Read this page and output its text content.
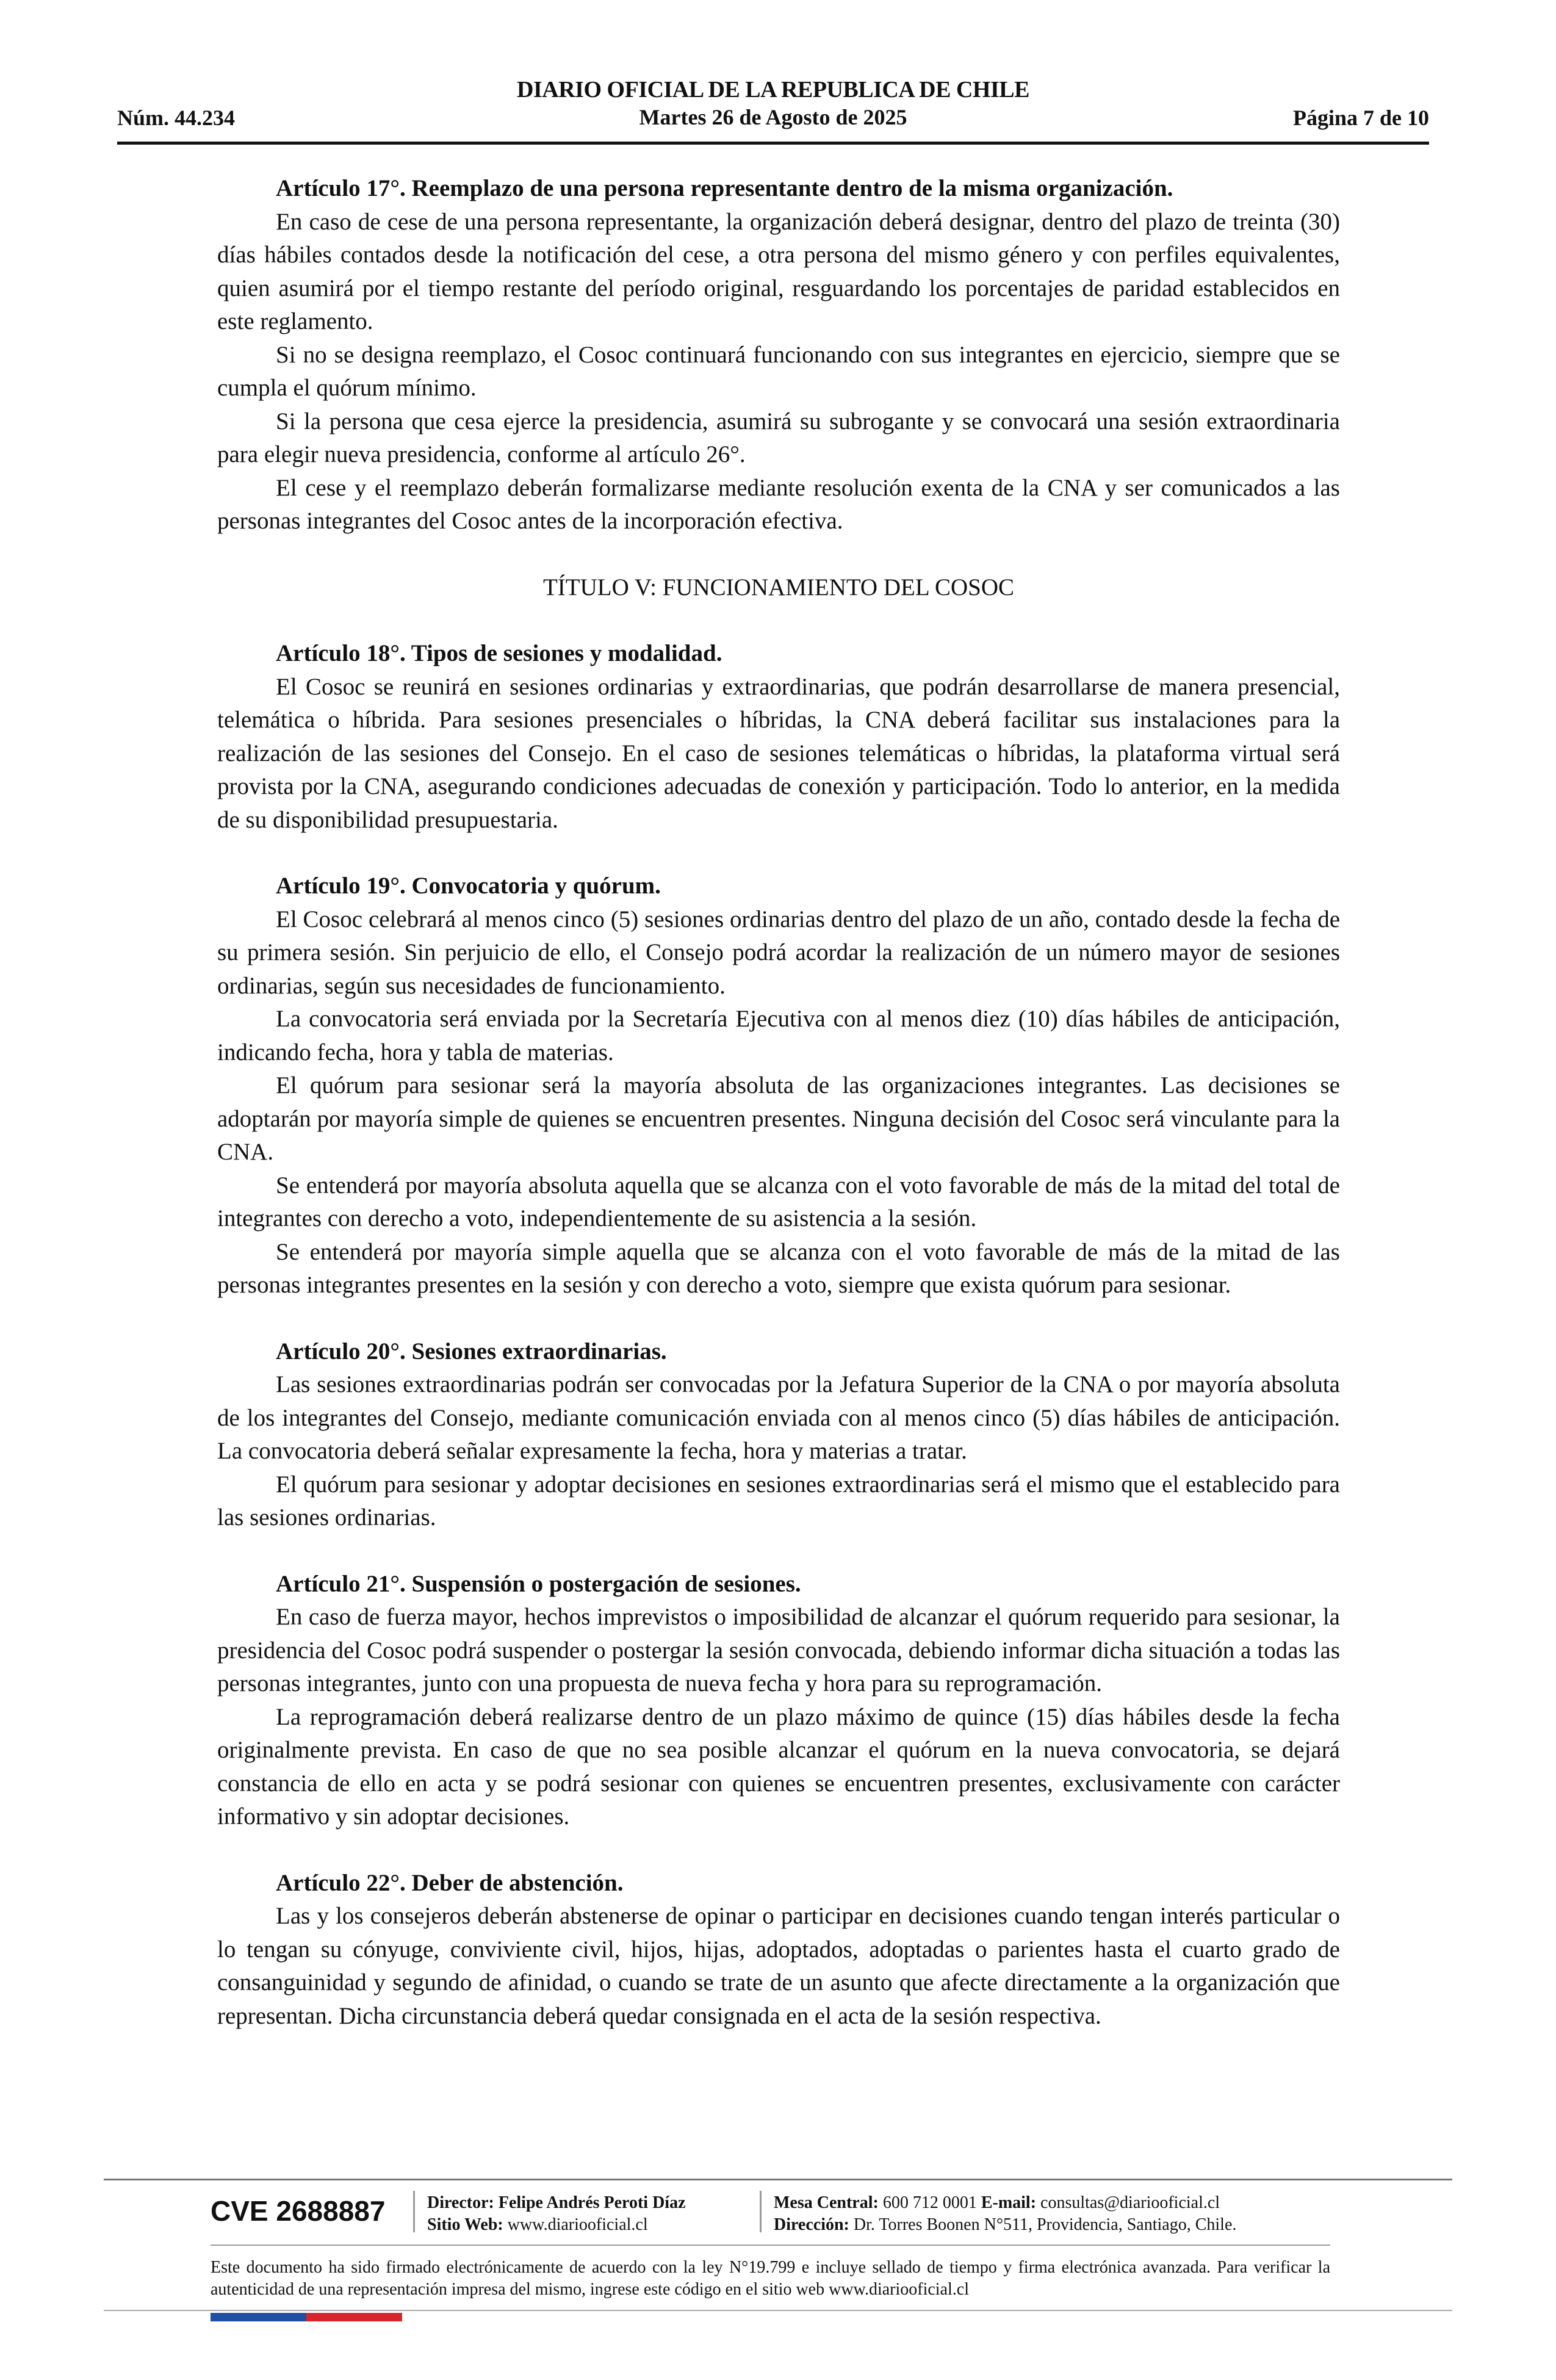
Núm. 44.234
DIARIO OFICIAL DE LA REPUBLICA DE CHILE
Martes 26 de Agosto de 2025	Página 7 de 10

Artículo 17°. Reemplazo de una persona representante dentro de la misma organización.

En caso de cese de una persona representante, la organización deberá designar, dentro del plazo de treinta (30) días hábiles contados desde la notificación del cese, a otra persona del mismo género y con perfiles equivalentes, quien asumirá por el tiempo restante del período original, resguardando los porcentajes de paridad establecidos en este reglamento.

Si no se designa reemplazo, el Cosoc continuará funcionando con sus integrantes en ejercicio, siempre que se cumpla el quórum mínimo.

Si la persona que cesa ejerce la presidencia, asumirá su subrogante y se convocará una sesión extraordinaria para elegir nueva presidencia, conforme al artículo 26°.

El cese y el reemplazo deberán formalizarse mediante resolución exenta de la CNA y ser comunicados a las personas integrantes del Cosoc antes de la incorporación efectiva.

TÍTULO V: FUNCIONAMIENTO DEL COSOC

Artículo 18°. Tipos de sesiones y modalidad.

El Cosoc se reunirá en sesiones ordinarias y extraordinarias, que podrán desarrollarse de manera presencial, telemática o híbrida. Para sesiones presenciales o híbridas, la CNA deberá facilitar sus instalaciones para la realización de las sesiones del Consejo. En el caso de sesiones telemáticas o híbridas, la plataforma virtual será provista por la CNA, asegurando condiciones adecuadas de conexión y participación. Todo lo anterior, en la medida de su disponibilidad presupuestaria.

Artículo 19°. Convocatoria y quórum.

El Cosoc celebrará al menos cinco (5) sesiones ordinarias dentro del plazo de un año, contado desde la fecha de su primera sesión. Sin perjuicio de ello, el Consejo podrá acordar la realización de un número mayor de sesiones ordinarias, según sus necesidades de funcionamiento.

La convocatoria será enviada por la Secretaría Ejecutiva con al menos diez (10) días hábiles de anticipación, indicando fecha, hora y tabla de materias.

El quórum para sesionar será la mayoría absoluta de las organizaciones integrantes. Las decisiones se adoptarán por mayoría simple de quienes se encuentren presentes. Ninguna decisión del Cosoc será vinculante para la CNA.

Se entenderá por mayoría absoluta aquella que se alcanza con el voto favorable de más de la mitad del total de integrantes con derecho a voto, independientemente de su asistencia a la sesión.

Se entenderá por mayoría simple aquella que se alcanza con el voto favorable de más de la mitad de las personas integrantes presentes en la sesión y con derecho a voto, siempre que exista quórum para sesionar.

Artículo 20°. Sesiones extraordinarias.

Las sesiones extraordinarias podrán ser convocadas por la Jefatura Superior de la CNA o por mayoría absoluta de los integrantes del Consejo, mediante comunicación enviada con al menos cinco (5) días hábiles de anticipación. La convocatoria deberá señalar expresamente la fecha, hora y materias a tratar.

El quórum para sesionar y adoptar decisiones en sesiones extraordinarias será el mismo que el establecido para las sesiones ordinarias.

Artículo 21°. Suspensión o postergación de sesiones.

En caso de fuerza mayor, hechos imprevistos o imposibilidad de alcanzar el quórum requerido para sesionar, la presidencia del Cosoc podrá suspender o postergar la sesión convocada, debiendo informar dicha situación a todas las personas integrantes, junto con una propuesta de nueva fecha y hora para su reprogramación.

La reprogramación deberá realizarse dentro de un plazo máximo de quince (15) días hábiles desde la fecha originalmente prevista. En caso de que no sea posible alcanzar el quórum en la nueva convocatoria, se dejará constancia de ello en acta y se podrá sesionar con quienes se encuentren presentes, exclusivamente con carácter informativo y sin adoptar decisiones.

Artículo 22°. Deber de abstención.

Las y los consejeros deberán abstenerse de opinar o participar en decisiones cuando tengan interés particular o lo tengan su cónyuge, conviviente civil, hijos, hijas, adoptados, adoptadas o parientes hasta el cuarto grado de consanguinidad y segundo de afinidad, o cuando se trate de un asunto que afecte directamente a la organización que representan. Dicha circunstancia deberá quedar consignada en el acta de la sesión respectiva.

CVE 2688887 Director: Felipe Andrés Peroti Díaz
Sitio Web: www.diariooficial.cl
Mesa Central: 600 712 0001 E-mail: consultas@diariooficial.cl
Dirección: Dr. Torres Boonen N°511, Providencia, Santiago, Chile.
Este documento ha sido firmado electrónicamente de acuerdo con la ley N°19.799 e incluye sellado de tiempo y firma electrónica avanzada. Para verificar la autenticidad de una representación impresa del mismo, ingrese este código en el sitio web www.diariooficial.cl
